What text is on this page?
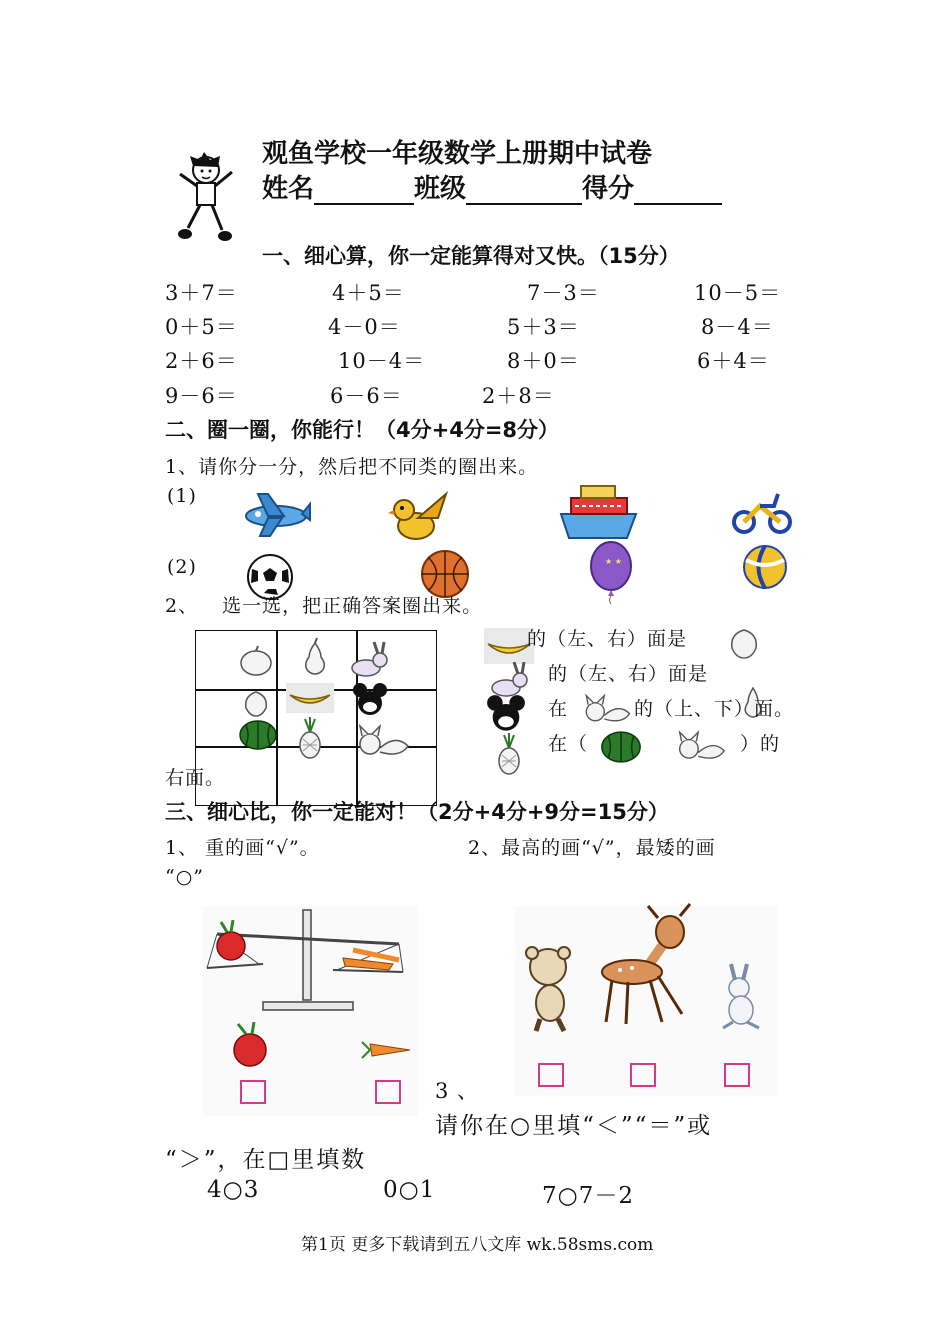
观鱼学校一年级数学上册期中试卷
姓名	班级	得分
一、细心算，你一定能算得对又快。（15分）
3＋7＝	4＋5＝	7－3＝	10－5＝
0＋5＝	4－0＝	5＋3＝	8－4＝
2＋6＝	10－4＝	8＋0＝	6＋4＝
9－6＝	6－6＝	2＋8＝
二、圈一圈，你能行！（4分+4分=8分）
1、请你分一分，然后把不同类的圈出来。
(1)
(2)	★ ★
2、 选一选，把正确答案圈出来。
的（左、右）面是
的（左、右）面是
在	的（上、下）面。
在（	）的
右面。
三、细心比，你一定能对！（2分+4分+9分=15分）
1、 重的画“√”。	2、最高的画“√”，最矮的画
“○”
3 、
请你在○里填“＜”“＝”或
“＞”，在□里填数
4○3	0○1	7○7－2
第1页 更多下载请到五八文库 wk.58sms.com
